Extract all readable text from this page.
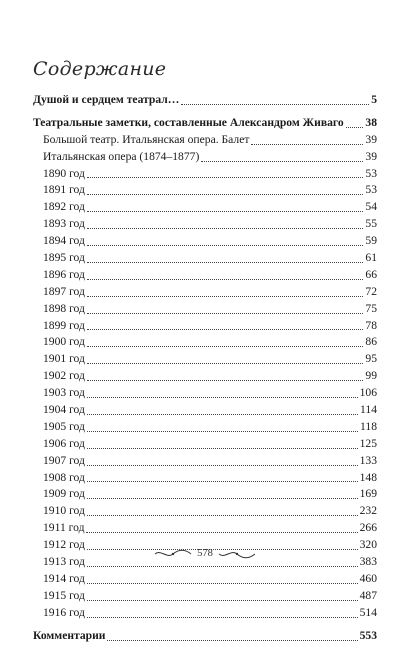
Содержание
Душой и сердцем театрал…	5
Театральные заметки, составленные Александром Живаго 38
Большой театр. Итальянская опера. Балет	39
Итальянская опера (1874–1877)	39
1890 год	53
1891 год	53
1892 год	54
1893 год	55
1894 год	59
1895 год	61
1896 год	66
1897 год	72
1898 год	75
1899 год	78
1900 год	86
1901 год	95
1902 год	99
1903 год	106
1904 год	114
1905 год	118
1906 год	125
1907 год	133
1908 год	148
1909 год	169
1910 год	232
1911 год	266
1912 год	320
1913 год	383
1914 год	460
1915 год	487
1916 год	514
Комментарии	553
578
